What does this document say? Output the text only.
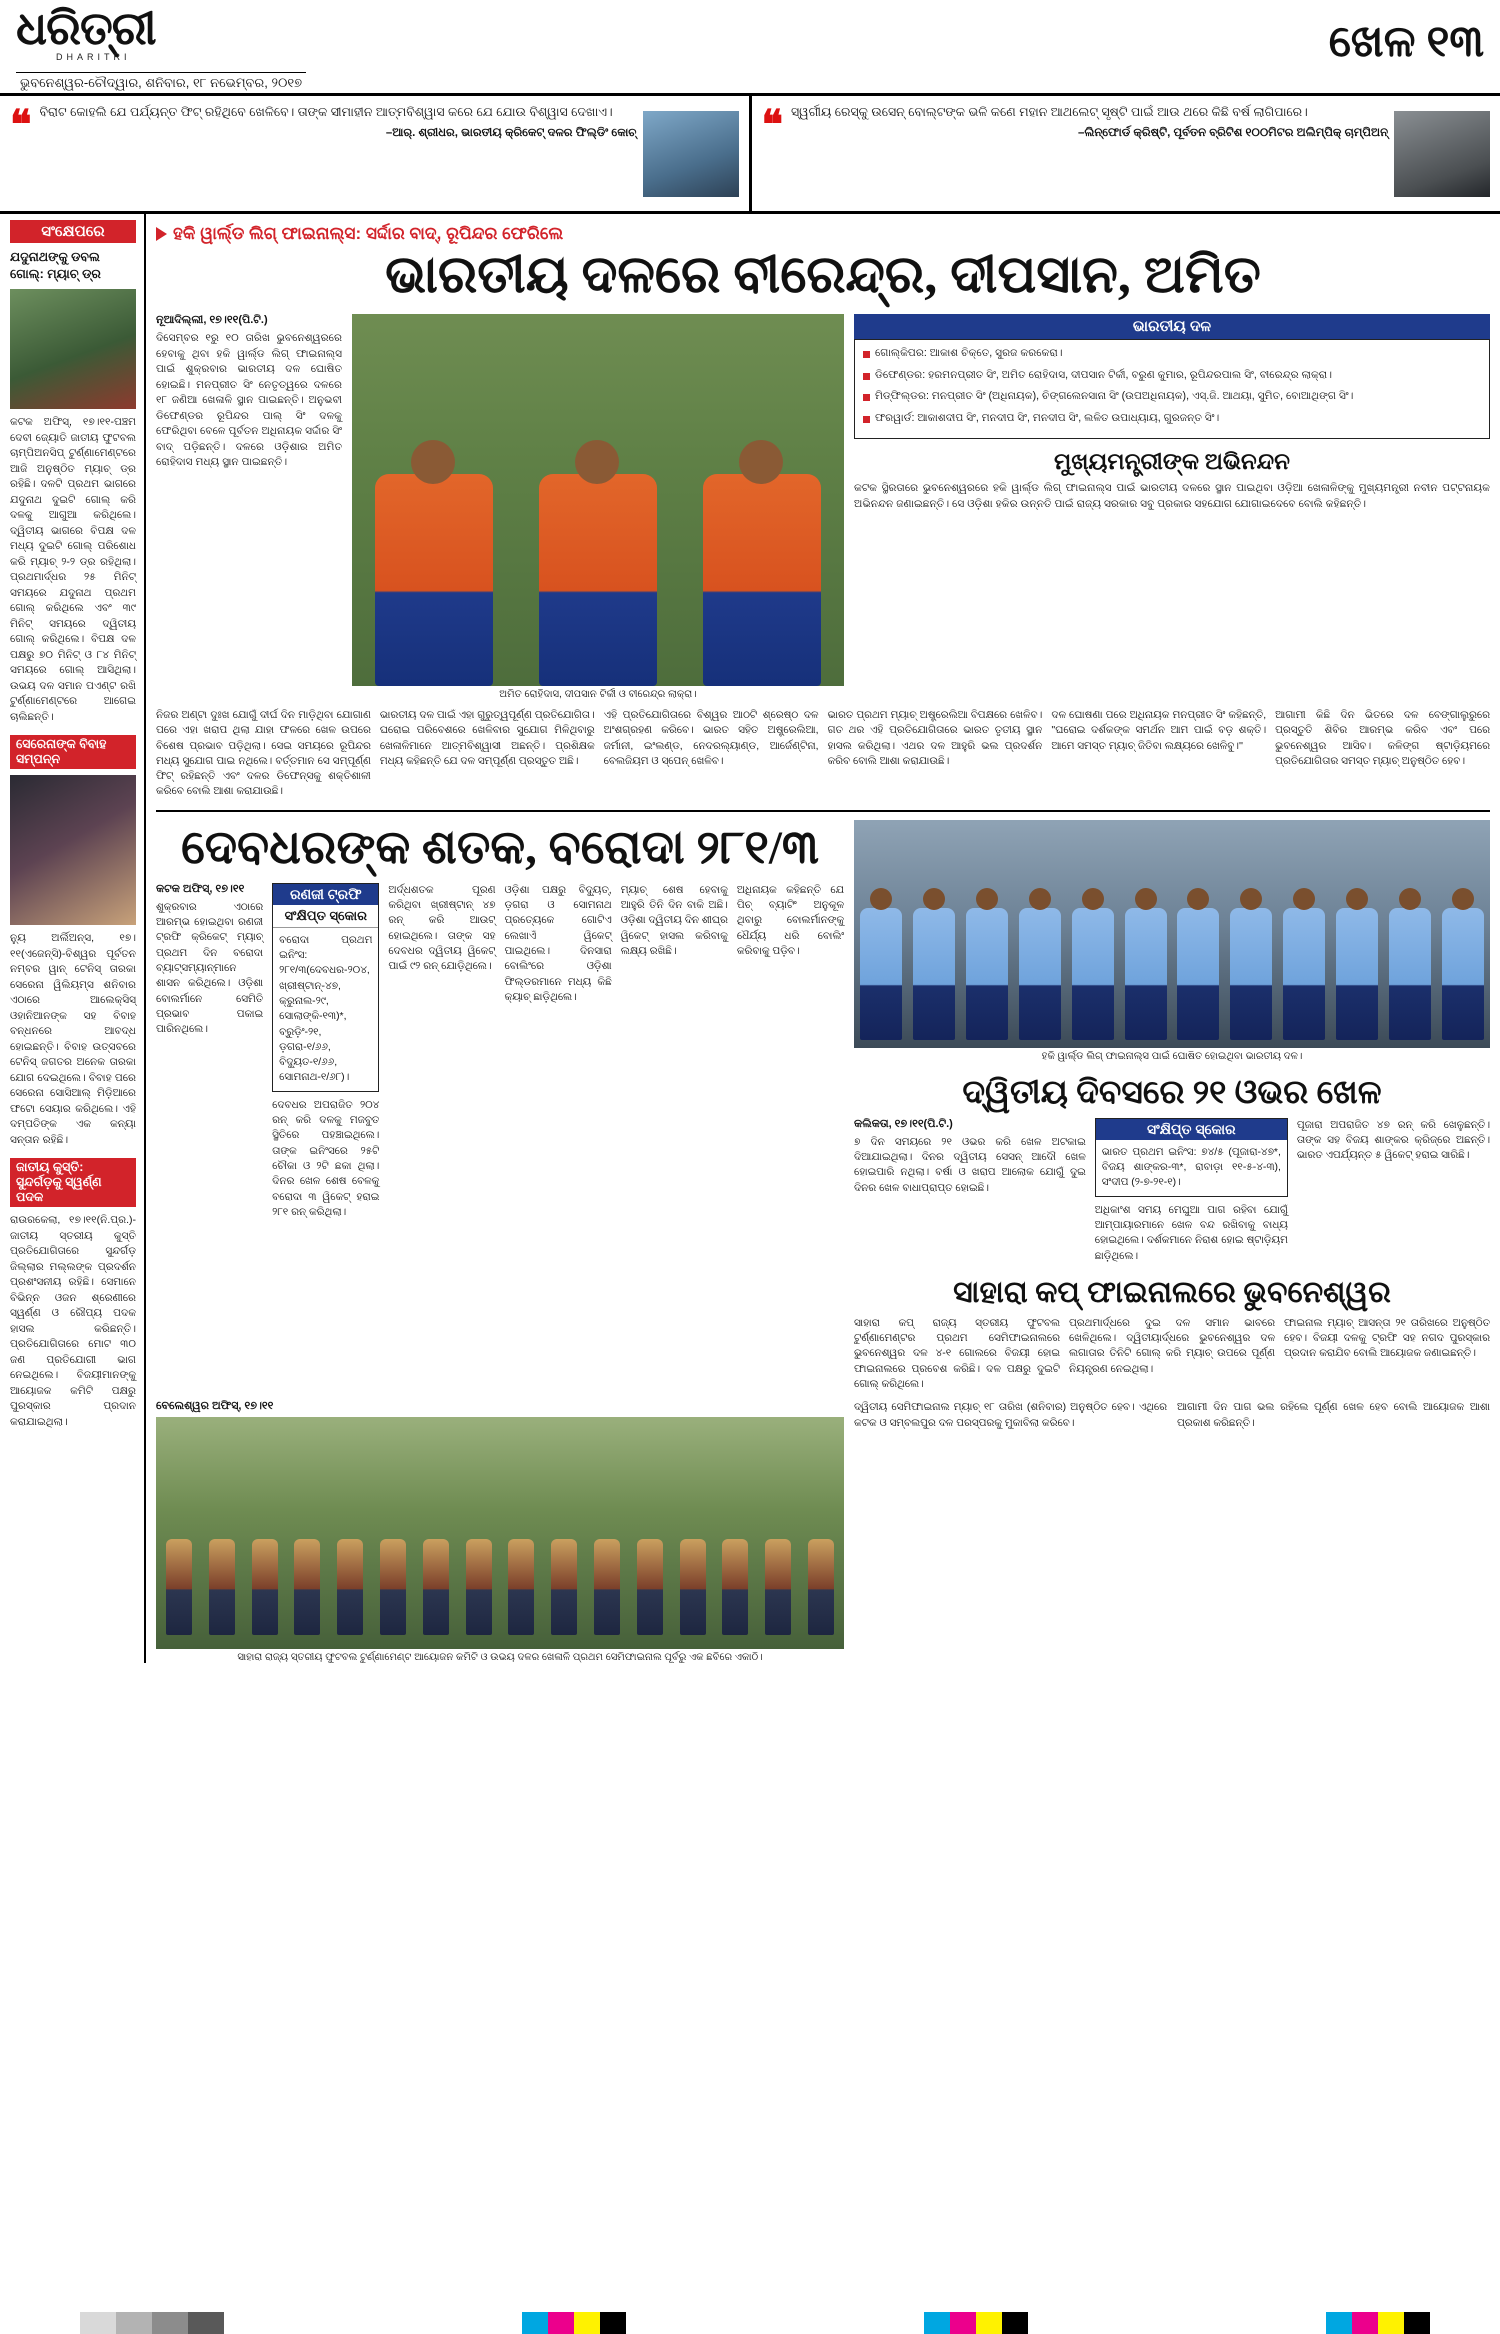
ଧରିତ୍ରୀ
DHARITRI
ଭୁବନେଶ୍ୱର-ଚୌଦ୍ୱାର, ଶନିବାର, ୧୮ ନଭେମ୍ବର, ୨୦୧୭
ଖେଳ ୧୩
❝ ବିରାଟ କୋହଲି ଯେ ପର୍ଯ୍ୟନ୍ତ ଫିଟ୍ ରହିଥିବେ ଖେଳିବେ। ତାଙ୍କ ସୀମାହୀନ ଆତ୍ମବିଶ୍ୱାସ କରେ ଯେ ଯୋଉ ବିଶ୍ୱାସ ଦେଖାଏ।
–ଆର୍. ଶ୍ରୀଧର, ଭାରତୀୟ କ୍ରିକେଟ୍ ଦଳର ଫିଲ୍ଡିଂ କୋଚ୍	❝ ସ୍ୱର୍ଗୀୟ ରେସ୍କୁ ଉସେନ୍ ବୋଲ୍ଟଙ୍କ ଭଳି କଣେ ମହାନ ଆଥଲେଟ୍ ସୃଷ୍ଟି ପାଇଁ ଆଉ ଥରେ କିଛି ବର୍ଷ ଲାଗିପାରେ।
–ଲିନ୍ଫୋର୍ଡ କ୍ରିଷ୍ଟି, ପୂର୍ବତନ ବ୍ରିଟିଶ ୧୦୦ମିଟର ଅଲିମ୍ପିକ୍ ଚାମ୍ପିଅନ୍
ସଂକ୍ଷେପରେ
ଯଦୁନାଥଙ୍କୁ ଡବଲ ଗୋଲ୍: ମ୍ୟାଚ୍ ଡ୍ର
କଟକ ଅଫିସ୍, ୧୭।୧୧-ପଞ୍ଚମ ଦେବୀ ଜ୍ୟୋତି ଜାତୀୟ ଫୁଟବଲ ଚାମ୍ପିଅନସିପ୍ ଟୁର୍ଣ୍ଣାମେଣ୍ଟରେ ଆଜି ଅନୁଷ୍ଠିତ ମ୍ୟାଚ୍ ଡ୍ର ରହିଛି। ଦଳଟି ପ୍ରଥମ ଭାଗରେ ଯଦୁନାଥ ଦୁଇଟି ଗୋଲ୍ କରି ଦଳକୁ ଆଗୁଆ କରିଥିଲେ। ଦ୍ୱିତୀୟ ଭାଗରେ ବିପକ୍ଷ ଦଳ ମଧ୍ୟ ଦୁଇଟି ଗୋଲ୍ ପରିଶୋଧ କରି ମ୍ୟାଚ୍ ୨-୨ ଡ୍ର ରହିଥିଲା। ପ୍ରଥମାର୍ଦ୍ଧର ୨୫ ମିନିଟ୍ ସମୟରେ ଯଦୁନାଥ ପ୍ରଥମ ଗୋଲ୍ କରିଥିଲେ ଏବଂ ୩୯ ମିନିଟ୍ ସମୟରେ ଦ୍ୱିତୀୟ ଗୋଲ୍ କରିଥିଲେ। ବିପକ୍ଷ ଦଳ ପକ୍ଷରୁ ୭୦ ମିନିଟ୍ ଓ ୮୪ ମିନିଟ୍ ସମୟରେ ଗୋଲ୍ ଆସିଥିଲା। ଉଭୟ ଦଳ ସମାନ ପଏଣ୍ଟ ରଖି ଟୁର୍ଣ୍ଣାମେଣ୍ଟରେ ଆଗେଇ ଚାଲିଛନ୍ତି।
ସେରେନାଙ୍କ ବିବାହ ସମ୍ପନ୍ନ
ନ୍ୟୁ ଅର୍ଲିଅନ୍ସ, ୧୭।୧୧(ଏଜେନ୍ସି)-ବିଶ୍ୱର ପୂର୍ବତନ ନମ୍ବର ୱାନ୍ ଟେନିସ୍ ତାରକା ସେରେନା ୱିଲିୟମ୍ସ ଶନିବାର ଏଠାରେ ଆଲେକ୍ସିସ୍ ଓହାନିଆନଙ୍କ ସହ ବିବାହ ବନ୍ଧନରେ ଆବଦ୍ଧ ହୋଇଛନ୍ତି। ବିବାହ ଉତ୍ସବରେ ଟେନିସ୍ ଜଗତର ଅନେକ ତାରକା ଯୋଗ ଦେଇଥିଲେ। ବିବାହ ପରେ ସେରେନା ସୋସିଆଲ୍ ମିଡ଼ିଆରେ ଫଟୋ ସେୟାର କରିଥିଲେ। ଏହି ଦମ୍ପତିଙ୍କ ଏକ କନ୍ୟା ସନ୍ତାନ ରହିଛି।
ଜାତୀୟ କୁସ୍ତି: ସୁନ୍ଦର୍ଗଡ଼କୁ ସ୍ୱର୍ଣ୍ଣ ପଦକ
ରାଉରକେଲା, ୧୭।୧୧(ନି.ପ୍ର.)-ଜାତୀୟ ସ୍ତରୀୟ କୁସ୍ତି ପ୍ରତିଯୋଗିତାରେ ସୁନ୍ଦର୍ଗଡ଼ ଜିଲ୍ଲାର ମଲ୍ଲଙ୍କ ପ୍ରଦର୍ଶନ ପ୍ରଶଂସନୀୟ ରହିଛି। ସେମାନେ ବିଭିନ୍ନ ଓଜନ ଶ୍ରେଣୀରେ ସ୍ୱର୍ଣ୍ଣ ଓ ରୌପ୍ୟ ପଦକ ହାସଲ କରିଛନ୍ତି। ପ୍ରତିଯୋଗିତାରେ ମୋଟ ୩୦ ଜଣ ପ୍ରତିଯୋଗୀ ଭାଗ ନେଇଥିଲେ। ବିଜୟୀମାନଙ୍କୁ ଆୟୋଜକ କମିଟି ପକ୍ଷରୁ ପୁରସ୍କାର ପ୍ରଦାନ କରାଯାଇଥିଲା।
ହକି ୱାର୍ଲ୍ଡ ଲିଗ୍ ଫାଇନାଲ୍ସ: ସର୍ଦ୍ଦାର ବାଦ୍, ରୂପିନ୍ଦର ଫେରିଲେ
ଭାରତୀୟ ଦଳରେ ବୀରେନ୍ଦ୍ର, ଦୀପସାନ, ଅମିତ
ନୂଆଦିଲ୍ଲୀ, ୧୭।୧୧(ପି.ଟି.)
ଦିସେମ୍ବର ୧ରୁ ୧୦ ତାରିଖ ଭୁବନେଶ୍ୱରରେ ହେବାକୁ ଥିବା ହକି ୱାର୍ଲ୍ଡ ଲିଗ୍ ଫାଇନାଲ୍ସ ପାଇଁ ଶୁକ୍ରବାର ଭାରତୀୟ ଦଳ ଘୋଷିତ ହୋଇଛି। ମନପ୍ରୀତ ସିଂ ନେତୃତ୍ୱରେ ଦଳରେ ୧୮ ଜଣିଆ ଖେଳାଳି ସ୍ଥାନ ପାଇଛନ୍ତି। ଅନୁଭବୀ ଡିଫେଣ୍ଡର ରୂପିନ୍ଦର ପାଲ୍ ସିଂ ଦଳକୁ ଫେରିଥିବା ବେଳେ ପୂର୍ବତନ ଅଧିନାୟକ ସର୍ଦ୍ଦାର ସିଂ ବାଦ୍ ପଡ଼ିଛନ୍ତି। ଦଳରେ ଓଡ଼ିଶାର ଅମିତ ରୋହିଦାସ ମଧ୍ୟ ସ୍ଥାନ ପାଇଛନ୍ତି।
ଅମିତ ରୋହିଦାସ, ଦୀପସାନ ଟିର୍କୀ ଓ ବୀରେନ୍ଦ୍ର ଲାକ୍ରା।
ଭାରତୀୟ ଦଳ
ଗୋଲ୍‌କିପର: ଆକାଶ ଚିକ୍‌ତେ, ସୁରଜ କରକେରା।
ଡିଫେଣ୍ଡର: ହରମନପ୍ରୀତ ସିଂ, ଅମିତ ରୋହିଦାସ, ଦୀପସାନ ଟିର୍କୀ, ବରୁଣ କୁମାର, ରୂପିନ୍ଦରପାଲ ସିଂ, ବୀରେନ୍ଦ୍ର ଲାକ୍ରା।
ମିଡ୍‌ଫିଲ୍ଡର: ମନପ୍ରୀତ ସିଂ (ଅଧିନାୟକ), ଚିଙ୍ଗଲେନସାନା ସିଂ (ଉପଅଧିନାୟକ), ଏସ୍.ଜି. ଆଥୟା, ସୁମିତ, ବୋଆଥିଙ୍ଗ ସିଂ।
ଫରୱାର୍ଡ: ଆକାଶଦୀପ ସିଂ, ମନଦୀପ ସିଂ, ମନଦୀପ ସିଂ, ଲଳିତ ଉପାଧ୍ୟାୟ, ଗୁରଜନ୍ତ ସିଂ।
ମୁଖ୍ୟମନ୍ତ୍ରୀଙ୍କ ଅଭିନନ୍ଦନ
କଟକ ସ୍ଥିରତାରେ ଭୁବନେଶ୍ୱରରେ ହକି ୱାର୍ଲ୍ଡ ଲିଗ୍ ଫାଇନାଲ୍ସ ପାଇଁ ଭାରତୀୟ ଦଳରେ ସ୍ଥାନ ପାଇଥିବା ଓଡ଼ିଆ ଖେଳାଳିଙ୍କୁ ମୁଖ୍ୟମନ୍ତ୍ରୀ ନବୀନ ପଟ୍ଟନାୟକ ଅଭିନନ୍ଦନ ଜଣାଇଛନ୍ତି। ସେ ଓଡ଼ିଶା ହକିର ଉନ୍ନତି ପାଇଁ ରାଜ୍ୟ ସରକାର ସବୁ ପ୍ରକାର ସହଯୋଗ ଯୋଗାଇଦେବେ ବୋଲି କହିଛନ୍ତି।
ନିଜର ଅଣ୍ଟା ଦୁଃଖ ଯୋଗୁଁ ଦୀର୍ଘ ଦିନ ମାଡ଼ିଥିବା ଯୋଗାଣ ପରେ ଏହା ଖରାପ ଥିଲା ଯାହା ଫଳରେ ଖେଳ ଉପରେ ବିଶେଷ ପ୍ରଭାବ ପଡ଼ିଥିଲା। ସେଇ ସମୟରେ ରୂପିନ୍ଦର ମଧ୍ୟ ସୁଯୋଗ ପାଇ ନଥିଲେ। ବର୍ତ୍ତମାନ ସେ ସମ୍ପୂର୍ଣ୍ଣ ଫିଟ୍ ରହିଛନ୍ତି ଏବଂ ଦଳର ଡିଫେନ୍ସକୁ ଶକ୍ତିଶାଳୀ କରିବେ ବୋଲି ଆଶା କରାଯାଉଛି।
ଭାରତୀୟ ଦଳ ପାଇଁ ଏହା ଗୁରୁତ୍ୱପୂର୍ଣ୍ଣ ପ୍ରତିଯୋଗିତା। ଘରୋଇ ପରିବେଶରେ ଖେଳିବାର ସୁଯୋଗ ମିଳିଥିବାରୁ ଖେଳାଳିମାନେ ଆତ୍ମବିଶ୍ୱାସୀ ଅଛନ୍ତି। ପ୍ରଶିକ୍ଷକ ମଧ୍ୟ କହିଛନ୍ତି ଯେ ଦଳ ସମ୍ପୂର୍ଣ୍ଣ ପ୍ରସ୍ତୁତ ଅଛି।
ଏହି ପ୍ରତିଯୋଗିତାରେ ବିଶ୍ୱର ଆଠଟି ଶ୍ରେଷ୍ଠ ଦଳ ଅଂଶଗ୍ରହଣ କରିବେ। ଭାରତ ସହିତ ଅଷ୍ଟ୍ରେଲିଆ, ଜର୍ମାନୀ, ଇଂଲଣ୍ଡ, ନେଦରଲ୍ୟାଣ୍ଡ, ଆର୍ଜେଣ୍ଟିନା, ବେଲଜିୟମ ଓ ସ୍ପେନ୍ ଖେଳିବ।
ଭାରତ ପ୍ରଥମ ମ୍ୟାଚ୍ ଅଷ୍ଟ୍ରେଲିଆ ବିପକ୍ଷରେ ଖେଳିବ। ଗତ ଥର ଏହି ପ୍ରତିଯୋଗିତାରେ ଭାରତ ତୃତୀୟ ସ୍ଥାନ ହାସଲ କରିଥିଲା। ଏଥର ଦଳ ଆହୁରି ଭଲ ପ୍ରଦର୍ଶନ କରିବ ବୋଲି ଆଶା କରାଯାଉଛି।
ଦଳ ଘୋଷଣା ପରେ ଅଧିନାୟକ ମନପ୍ରୀତ ସିଂ କହିଛନ୍ତି, ''ଘରୋଇ ଦର୍ଶକଙ୍କ ସମର୍ଥନ ଆମ ପାଇଁ ବଡ଼ ଶକ୍ତି। ଆମେ ସମସ୍ତ ମ୍ୟାଚ୍ ଜିତିବା ଲକ୍ଷ୍ୟରେ ଖେଳିବୁ।''
ଆଗାମୀ କିଛି ଦିନ ଭିତରେ ଦଳ ବେଙ୍ଗାଲୁରୁରେ ପ୍ରସ୍ତୁତି ଶିବିର ଆରମ୍ଭ କରିବ ଏବଂ ପରେ ଭୁବନେଶ୍ୱର ଆସିବ। କଳିଙ୍ଗ ଷ୍ଟାଡ଼ିୟମରେ ପ୍ରତିଯୋଗିତାର ସମସ୍ତ ମ୍ୟାଚ୍ ଅନୁଷ୍ଠିତ ହେବ।
ଦେବଧରଙ୍କ ଶତକ, ବରୋଦା ୨୮୧/୩
କଟକ ଅଫିସ୍, ୧୭।୧୧
ଶୁକ୍ରବାର ଏଠାରେ ଆରମ୍ଭ ହୋଇଥିବା ରଣଜୀ ଟ୍ରଫି କ୍ରିକେଟ୍ ମ୍ୟାଚ୍ ପ୍ରଥମ ଦିନ ବରୋଦା ବ୍ୟାଟ୍ସମ୍ୟାନ୍ମାନେ ଶାସନ କରିଥିଲେ। ଓଡ଼ିଶା ବୋଲର୍ମାନେ ସେମିତି ପ୍ରଭାବ ପକାଇ ପାରିନଥିଲେ।
ରଣଜୀ ଟ୍ରଫି
ସଂକ୍ଷିପ୍ତ ସ୍କୋର
ବରୋଦା ପ୍ରଥମ ଇନିଂସ: ୨୮୧/୩(ଦେବଧର-୨୦୪, ଖ୍ରୀଷ୍ଟାନ୍-୪୭, କ୍ରୁନାଲ-୨୯, ସୋଲାଙ୍କି-୧୩)*, ବ୍ରୁଡ଼ିଂ-୨୧, ଡ଼ଗରା-୧/୬୬, ବିଦ୍ୟୁତ-୧/୬୬, ସୋମନାଥ-୧/୬୮)।
ଦେବଧର ଅପରାଜିତ ୨୦୪ ରନ୍ କରି ଦଳକୁ ମଜବୁତ ସ୍ଥିତିରେ ପହଞ୍ଚାଇଥିଲେ। ତାଙ୍କ ଇନିଂସରେ ୨୫ଟି ଚୌକା ଓ ୨ଟି ଛକା ଥିଲା। ଦିନର ଖେଳ ଶେଷ ବେଳକୁ ବରୋଦା ୩ ୱିକେଟ୍ ହରାଇ ୨୮୧ ରନ୍ କରିଥିଲା।
ଅର୍ଦ୍ଧଶତକ ପୂରଣ କରିଥିବା ଖ୍ରୀଷ୍ଟାନ୍ ୪୭ ରନ୍ କରି ଆଉଟ୍ ହୋଇଥିଲେ। ତାଙ୍କ ସହ ଦେବଧର ଦ୍ୱିତୀୟ ୱିକେଟ୍ ପାଇଁ ୯୨ ରନ୍ ଯୋଡ଼ିଥିଲେ।
ଓଡ଼ିଶା ପକ୍ଷରୁ ବିଦ୍ୟୁତ୍, ଡ଼ଗରା ଓ ସୋମନାଥ ପ୍ରତ୍ୟେକେ ଗୋଟିଏ ଲେଖାଏଁ ୱିକେଟ୍ ପାଇଥିଲେ। ଦିନସାରା ବୋଲିଂରେ ଓଡ଼ିଶା ଫିଲ୍ଡରମାନେ ମଧ୍ୟ କିଛି କ୍ୟାଚ୍ ଛାଡ଼ିଥିଲେ।
ମ୍ୟାଚ୍ ଶେଷ ହେବାକୁ ଆହୁରି ତିନି ଦିନ ବାକି ଅଛି। ଓଡ଼ିଶା ଦ୍ୱିତୀୟ ଦିନ ଶୀଘ୍ର ୱିକେଟ୍ ହାସଲ କରିବାକୁ ଲକ୍ଷ୍ୟ ରଖିଛି।
ଅଧିନାୟକ କହିଛନ୍ତି ଯେ ପିଚ୍ ବ୍ୟାଟିଂ ଅନୁକୂଳ ଥିବାରୁ ବୋଲର୍ମାନଙ୍କୁ ଧୈର୍ଯ୍ୟ ଧରି ବୋଲିଂ କରିବାକୁ ପଡ଼ିବ।
ହକି ୱାର୍ଲ୍ଡ ଲିଗ୍ ଫାଇନାଲ୍ସ ପାଇଁ ଘୋଷିତ ହୋଇଥିବା ଭାରତୀୟ ଦଳ।
ଦ୍ୱିତୀୟ ଦିବସରେ ୨୧ ଓଭର ଖେଳ
କଲିକତା, ୧୭।୧୧(ପି.ଟି.)
୭ ଦିନ ସମୟରେ ୨୧ ଓଭର କରି ଖେଳ ଅଟକାଇ ଦିଆଯାଇଥିଲା। ଦିନର ଦ୍ୱିତୀୟ ସେସନ୍ ଆଦୌ ଖେଳ ହୋଇପାରି ନଥିଲା। ବର୍ଷା ଓ ଖରାପ ଆଲୋକ ଯୋଗୁଁ ଦୁଇ ଦିନର ଖେଳ ବାଧାପ୍ରାପ୍ତ ହୋଇଛି।
ସଂକ୍ଷିପ୍ତ ସ୍କୋର
ଭାରତ ପ୍ରଥମ ଇନିଂସ: ୭୪/୫ (ପୂଜାରା-୪୭*, ବିଜୟ ଶାଙ୍କର-୩*, ରାବାଡ଼ା ୧୧-୫-୪-୩), ସଂଦୀପ (୨-୭-୨୧-୧)।
ଅଧିକାଂଶ ସମୟ ମେଘୁଆ ପାଗ ରହିବା ଯୋଗୁଁ ଆମ୍ପାୟାରମାନେ ଖେଳ ବନ୍ଦ ରଖିବାକୁ ବାଧ୍ୟ ହୋଇଥିଲେ। ଦର୍ଶକମାନେ ନିରାଶ ହୋଇ ଷ୍ଟାଡ଼ିୟମ ଛାଡ଼ିଥିଲେ।
ପୂଜାରା ଅପରାଜିତ ୪୭ ରନ୍ କରି ଖେଳୁଛନ୍ତି। ତାଙ୍କ ସହ ବିଜୟ ଶାଙ୍କର କ୍ରିଜ୍‌ରେ ଅଛନ୍ତି। ଭାରତ ଏପର୍ଯ୍ୟନ୍ତ ୫ ୱିକେଟ୍ ହରାଇ ସାରିଛି।
ସାହାରା କପ୍ ଫାଇନାଲରେ ଭୁବନେଶ୍ୱର
ସାହାରା କପ୍ ରାଜ୍ୟ ସ୍ତରୀୟ ଫୁଟବଲ ଟୁର୍ଣ୍ଣାମେଣ୍ଟର ପ୍ରଥମ ସେମିଫାଇନାଲରେ ଭୁବନେଶ୍ୱର ଦଳ ୪-୧ ଗୋଲରେ ବିଜୟୀ ହୋଇ ଫାଇନାଲରେ ପ୍ରବେଶ କରିଛି। ଦଳ ପକ୍ଷରୁ ଦୁଇଟି ଗୋଲ୍ କରିଥିଲେ।
ପ୍ରଥମାର୍ଦ୍ଧରେ ଦୁଇ ଦଳ ସମାନ ଭାବରେ ଖେଳିଥିଲେ। ଦ୍ୱିତୀୟାର୍ଦ୍ଧରେ ଭୁବନେଶ୍ୱର ଦଳ ଲଗାତାର ତିନିଟି ଗୋଲ୍ କରି ମ୍ୟାଚ୍ ଉପରେ ପୂର୍ଣ୍ଣ ନିୟନ୍ତ୍ରଣ ନେଇଥିଲା।
ଫାଇନାଲ ମ୍ୟାଚ୍ ଆସନ୍ତା ୨୧ ତାରିଖରେ ଅନୁଷ୍ଠିତ ହେବ। ବିଜୟୀ ଦଳକୁ ଟ୍ରଫି ସହ ନଗଦ ପୁରସ୍କାର ପ୍ରଦାନ କରାଯିବ ବୋଲି ଆୟୋଜକ ଜଣାଇଛନ୍ତି।
ବେଲେଶ୍ୱର ଅଫିସ୍, ୧୭।୧୧
ସାହାରା ରାଜ୍ୟ ସ୍ତରୀୟ ଫୁଟବଲ ଟୁର୍ଣ୍ଣାମେଣ୍ଟ ଆୟୋଜନ କମିଟି ଓ ଉଭୟ ଦଳର ଖେଳାଳି ପ୍ରଥମ ସେମିଫାଇନାଲ ପୂର୍ବରୁ ଏକ ଛବିରେ ଏକାଠି।
ଦ୍ୱିତୀୟ ସେମିଫାଇନାଲ ମ୍ୟାଚ୍ ୧୮ ତାରିଖ (ଶନିବାର) ଅନୁଷ୍ଠିତ ହେବ। ଏଥିରେ କଟକ ଓ ସମ୍ବଲପୁର ଦଳ ପରସ୍ପରକୁ ମୁକାବିଲା କରିବେ।
ଆଗାମୀ ଦିନ ପାଗ ଭଲ ରହିଲେ ପୂର୍ଣ୍ଣ ଖେଳ ହେବ ବୋଲି ଆୟୋଜକ ଆଶା ପ୍ରକାଶ କରିଛନ୍ତି।
